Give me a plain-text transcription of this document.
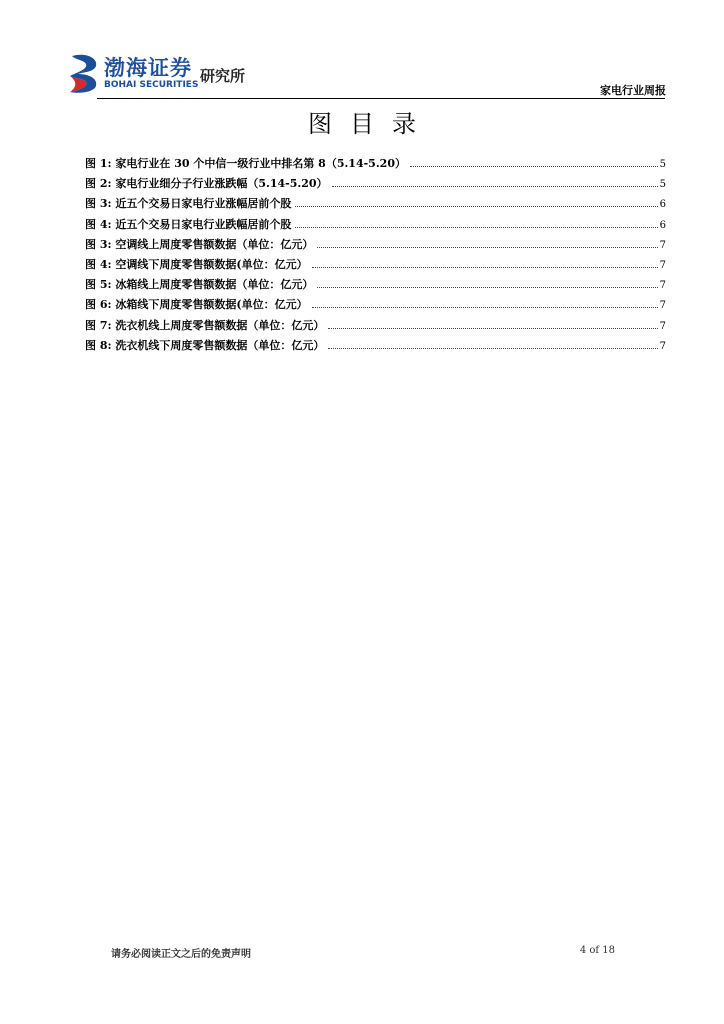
渤海证券
BOHAI SECURITIES 研究所
家电行业周报
图目录
图 1: 家电行业在 30 个中信一级行业中排名第 8（5.14-5.20）	5
图 2: 家电行业细分子行业涨跌幅（5.14-5.20）	5
图 3: 近五个交易日家电行业涨幅居前个股	6
图 4: 近五个交易日家电行业跌幅居前个股	6
图 3: 空调线上周度零售额数据（单位：亿元）	7
图 4: 空调线下周度零售额数据(单位：亿元）	7
图 5: 冰箱线上周度零售额数据（单位：亿元）	7
图 6: 冰箱线下周度零售额数据(单位：亿元）	7
图 7: 洗衣机线上周度零售额数据（单位：亿元）	7
图 8: 洗衣机线下周度零售额数据（单位：亿元）	7
请务必阅读正文之后的免责声明	4 of 18
